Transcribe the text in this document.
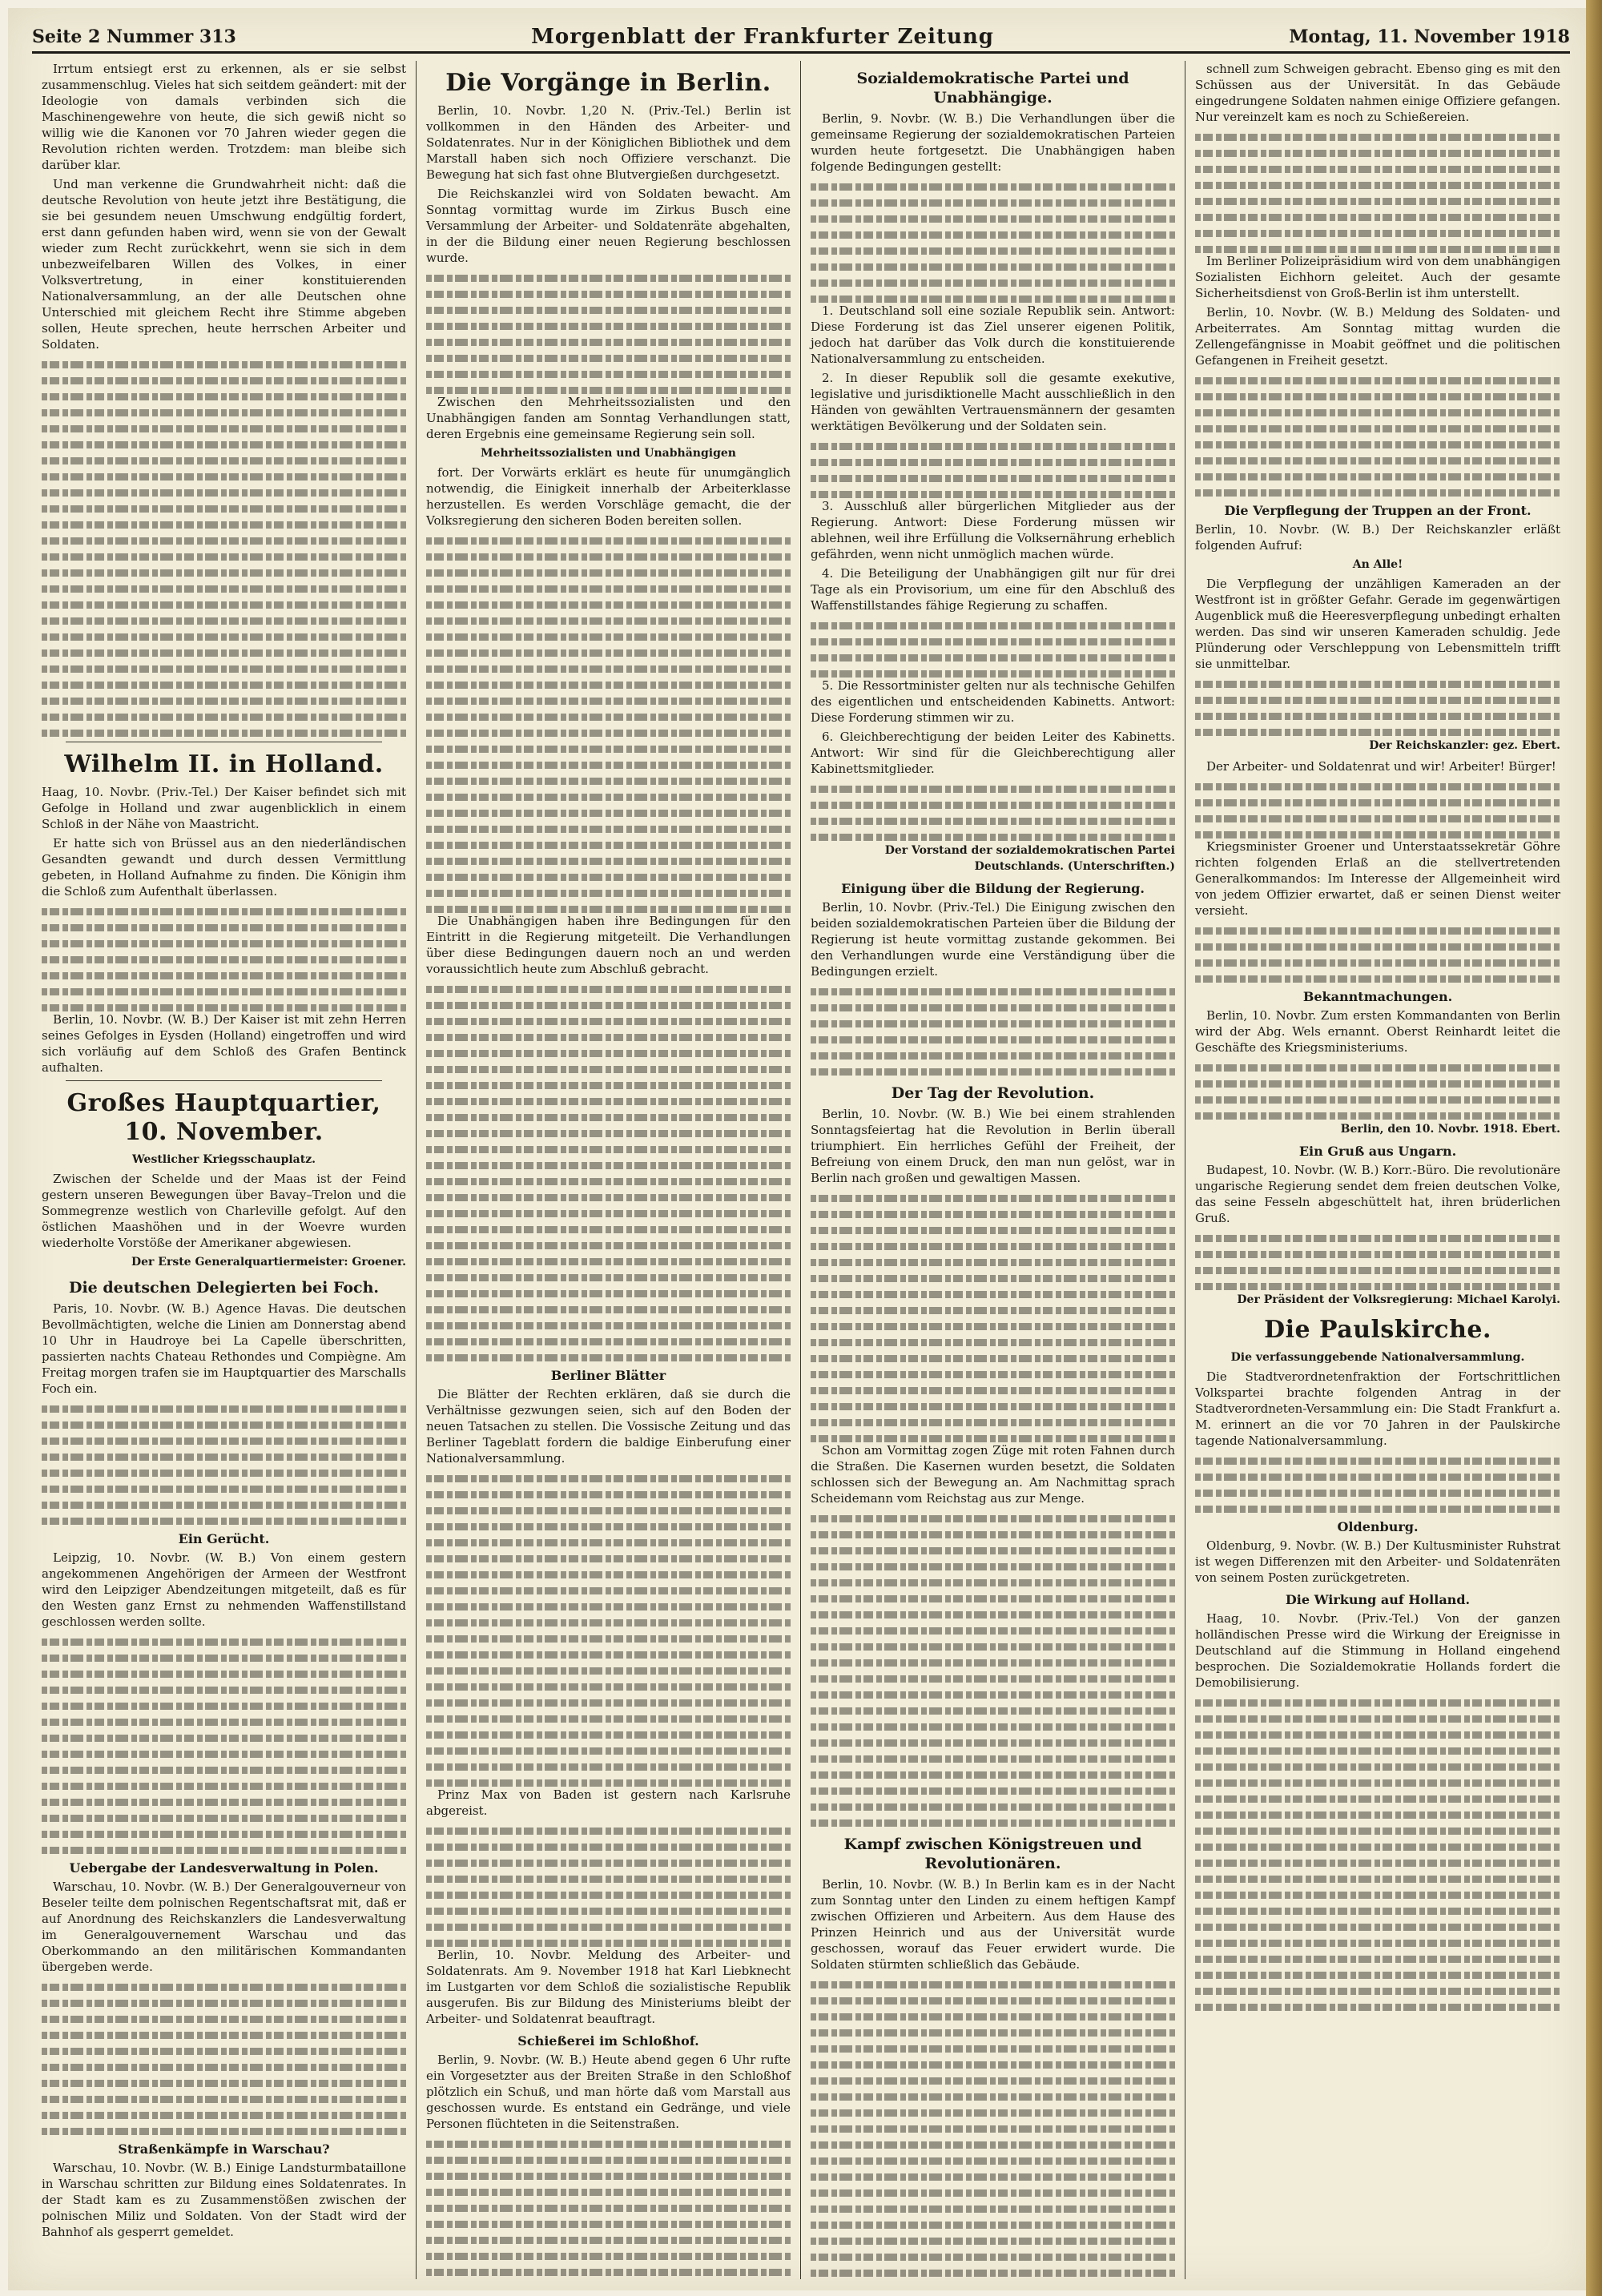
Seite 2 Nummer 313	Morgenblatt der Frankfurter Zeitung	Montag, 11. November 1918

Irrtum entsiegt erst zu erkennen, als er sie selbst zusammenschlug. Vieles hat sich seitdem geändert: mit der Ideologie von damals verbinden sich die Maschinengewehre von heute, die sich gewiß nicht so willig wie die Kanonen vor 70 Jahren wieder gegen die Revolution richten werden. Trotzdem: man bleibe sich darüber klar.

Und man verkenne die Grundwahrheit nicht: daß die deutsche Revolution von heute jetzt ihre Bestätigung, die sie bei gesundem neuen Umschwung endgültig fordert, erst dann gefunden haben wird, wenn sie von der Gewalt wieder zum Recht zurückkehrt, wenn sie sich in dem unbezweifelbaren Willen des Volkes, in einer Volksvertretung, in einer konstituierenden Nationalversammlung, an der alle Deutschen ohne Unterschied mit gleichem Recht ihre Stimme abgeben sollen, Heute sprechen, heute herrschen Arbeiter und Soldaten.

Wilhelm II. in Holland.

Haag, 10. Novbr. (Priv.-Tel.) Der Kaiser befindet sich mit Gefolge in Holland und zwar augenblicklich in einem Schloß in der Nähe von Maastricht.

Er hatte sich von Brüssel aus an den niederländischen Gesandten gewandt und durch dessen Vermittlung gebeten, in Holland Aufnahme zu finden. Die Königin ihm die Schloß zum Aufenthalt überlassen.

Berlin, 10. Novbr. (W. B.) Der Kaiser ist mit zehn Herren seines Gefolges in Eysden (Holland) eingetroffen und wird sich vorläufig auf dem Schloß des Grafen Bentinck aufhalten.

Großes Hauptquartier, 10. November.
Westlicher Kriegsschauplatz.

Zwischen der Schelde und der Maas ist der Feind gestern unseren Bewegungen über Bavay–Trelon und die Sommegrenze westlich von Charleville gefolgt. Auf den östlichen Maashöhen und in der Woevre wurden wiederholte Vorstöße der Amerikaner abgewiesen.

Der Erste Generalquartiermeister: Groener.
Die deutschen Delegierten bei Foch.

Paris, 10. Novbr. (W. B.) Agence Havas. Die deutschen Bevollmächtigten, welche die Linien am Donnerstag abend 10 Uhr in Haudroye bei La Capelle überschritten, passierten nachts Chateau Rethondes und Compiègne. Am Freitag morgen trafen sie im Hauptquartier des Marschalls Foch ein.

Ein Gerücht.

Leipzig, 10. Novbr. (W. B.) Von einem gestern angekommenen Angehörigen der Armeen der Westfront wird den Leipziger Abendzeitungen mitgeteilt, daß es für den Westen ganz Ernst zu nehmenden Waffenstillstand geschlossen werden sollte.

Uebergabe der Landesverwaltung in Polen.

Warschau, 10. Novbr. (W. B.) Der Generalgouverneur von Beseler teilte dem polnischen Regentschaftsrat mit, daß er auf Anordnung des Reichskanzlers die Landesverwaltung im Generalgouvernement Warschau und das Oberkommando an den militärischen Kommandanten übergeben werde.

Straßenkämpfe in Warschau?

Warschau, 10. Novbr. (W. B.) Einige Landsturmbataillone in Warschau schritten zur Bildung eines Soldatenrates. In der Stadt kam es zu Zusammenstößen zwischen der polnischen Miliz und Soldaten. Von der Stadt wird der Bahnhof als gesperrt gemeldet.

Die Vorgänge in Berlin.

Berlin, 10. Novbr. 1,20 N. (Priv.-Tel.) Berlin ist vollkommen in den Händen des Arbeiter- und Soldatenrates. Nur in der Königlichen Bibliothek und dem Marstall haben sich noch Offiziere verschanzt. Die Bewegung hat sich fast ohne Blutvergießen durchgesetzt.

Die Reichskanzlei wird von Soldaten bewacht. Am Sonntag vormittag wurde im Zirkus Busch eine Versammlung der Arbeiter- und Soldatenräte abgehalten, in der die Bildung einer neuen Regierung beschlossen wurde.

Zwischen den Mehrheitssozialisten und den Unabhängigen fanden am Sonntag Verhandlungen statt, deren Ergebnis eine gemeinsame Regierung sein soll.

Mehrheitssozialisten und Unabhängigen

fort. Der Vorwärts erklärt es heute für unumgänglich notwendig, die Einigkeit innerhalb der Arbeiterklasse herzustellen. Es werden Vorschläge gemacht, die der Volksregierung den sicheren Boden bereiten sollen.

Die Unabhängigen haben ihre Bedingungen für den Eintritt in die Regierung mitgeteilt. Die Verhandlungen über diese Bedingungen dauern noch an und werden voraussichtlich heute zum Abschluß gebracht.

Berliner Blätter

Die Blätter der Rechten erklären, daß sie durch die Verhältnisse gezwungen seien, sich auf den Boden der neuen Tatsachen zu stellen. Die Vossische Zeitung und das Berliner Tageblatt fordern die baldige Einberufung einer Nationalversammlung.

Prinz Max von Baden ist gestern nach Karlsruhe abgereist.

Berlin, 10. Novbr. Meldung des Arbeiter- und Soldatenrats. Am 9. November 1918 hat Karl Liebknecht im Lustgarten vor dem Schloß die sozialistische Republik ausgerufen. Bis zur Bildung des Ministeriums bleibt der Arbeiter- und Soldatenrat beauftragt.

Schießerei im Schloßhof.

Berlin, 9. Novbr. (W. B.) Heute abend gegen 6 Uhr rufte ein Vorgesetzter aus der Breiten Straße in den Schloßhof plötzlich ein Schuß, und man hörte daß vom Marstall aus geschossen wurde. Es entstand ein Gedränge, und viele Personen flüchteten in die Seitenstraßen.

Sozialdemokratische Partei und Unabhängige.

Berlin, 9. Novbr. (W. B.) Die Verhandlungen über die gemeinsame Regierung der sozialdemokratischen Parteien wurden heute fortgesetzt. Die Unabhängigen haben folgende Bedingungen gestellt:

1. Deutschland soll eine soziale Republik sein. Antwort: Diese Forderung ist das Ziel unserer eigenen Politik, jedoch hat darüber das Volk durch die konstituierende Nationalversammlung zu entscheiden.

2. In dieser Republik soll die gesamte exekutive, legislative und jurisdiktionelle Macht ausschließlich in den Händen von gewählten Vertrauensmännern der gesamten werktätigen Bevölkerung und der Soldaten sein.

3. Ausschluß aller bürgerlichen Mitglieder aus der Regierung. Antwort: Diese Forderung müssen wir ablehnen, weil ihre Erfüllung die Volksernährung erheblich gefährden, wenn nicht unmöglich machen würde.

4. Die Beteiligung der Unabhängigen gilt nur für drei Tage als ein Provisorium, um eine für den Abschluß des Waffenstillstandes fähige Regierung zu schaffen.

5. Die Ressortminister gelten nur als technische Gehilfen des eigentlichen und entscheidenden Kabinetts. Antwort: Diese Forderung stimmen wir zu.

6. Gleichberechtigung der beiden Leiter des Kabinetts. Antwort: Wir sind für die Gleichberechtigung aller Kabinettsmitglieder.

Der Vorstand der sozialdemokratischen Partei Deutschlands. (Unterschriften.)
Einigung über die Bildung der Regierung.

Berlin, 10. Novbr. (Priv.-Tel.) Die Einigung zwischen den beiden sozialdemokratischen Parteien über die Bildung der Regierung ist heute vormittag zustande gekommen. Bei den Verhandlungen wurde eine Verständigung über die Bedingungen erzielt.

Der Tag der Revolution.

Berlin, 10. Novbr. (W. B.) Wie bei einem strahlenden Sonntagsfeiertag hat die Revolution in Berlin überall triumphiert. Ein herrliches Gefühl der Freiheit, der Befreiung von einem Druck, den man nun gelöst, war in Berlin nach großen und gewaltigen Massen.

Schon am Vormittag zogen Züge mit roten Fahnen durch die Straßen. Die Kasernen wurden besetzt, die Soldaten schlossen sich der Bewegung an. Am Nachmittag sprach Scheidemann vom Reichstag aus zur Menge.

Kampf zwischen Königstreuen und Revolutionären.

Berlin, 10. Novbr. (W. B.) In Berlin kam es in der Nacht zum Sonntag unter den Linden zu einem heftigen Kampf zwischen Offizieren und Arbeitern. Aus dem Hause des Prinzen Heinrich und aus der Universität wurde geschossen, worauf das Feuer erwidert wurde. Die Soldaten stürmten schließlich das Gebäude.

schnell zum Schweigen gebracht. Ebenso ging es mit den Schüssen aus der Universität. In das Gebäude eingedrungene Soldaten nahmen einige Offiziere gefangen. Nur vereinzelt kam es noch zu Schießereien.

Im Berliner Polizeipräsidium wird von dem unabhängigen Sozialisten Eichhorn geleitet. Auch der gesamte Sicherheitsdienst von Groß-Berlin ist ihm unterstellt.

Berlin, 10. Novbr. (W. B.) Meldung des Soldaten- und Arbeiterrates. Am Sonntag mittag wurden die Zellengefängnisse in Moabit geöffnet und die politischen Gefangenen in Freiheit gesetzt.

Die Verpflegung der Truppen an der Front.

Berlin, 10. Novbr. (W. B.) Der Reichskanzler erläßt folgenden Aufruf:

An Alle!

Die Verpflegung der unzähligen Kameraden an der Westfront ist in größter Gefahr. Gerade im gegenwärtigen Augenblick muß die Heeresverpflegung unbedingt erhalten werden. Das sind wir unseren Kameraden schuldig. Jede Plünderung oder Verschleppung von Lebensmitteln trifft sie unmittelbar.

Der Reichskanzler: gez. Ebert.

Der Arbeiter- und Soldatenrat und wir! Arbeiter! Bürger!

Kriegsminister Groener und Unterstaatssekretär Göhre richten folgenden Erlaß an die stellvertretenden Generalkommandos: Im Interesse der Allgemeinheit wird von jedem Offizier erwartet, daß er seinen Dienst weiter versieht.

Bekanntmachungen.

Berlin, 10. Novbr. Zum ersten Kommandanten von Berlin wird der Abg. Wels ernannt. Oberst Reinhardt leitet die Geschäfte des Kriegsministeriums.

Berlin, den 10. Novbr. 1918. Ebert.
Ein Gruß aus Ungarn.

Budapest, 10. Novbr. (W. B.) Korr.-Büro. Die revolutionäre ungarische Regierung sendet dem freien deutschen Volke, das seine Fesseln abgeschüttelt hat, ihren brüderlichen Gruß.

Der Präsident der Volksregierung: Michael Karolyi.
Die Paulskirche.
Die verfassunggebende Nationalversammlung.

Die Stadtverordnetenfraktion der Fortschrittlichen Volkspartei brachte folgenden Antrag in der Stadtverordneten-Versammlung ein: Die Stadt Frankfurt a. M. erinnert an die vor 70 Jahren in der Paulskirche tagende Nationalversammlung.

Oldenburg.

Oldenburg, 9. Novbr. (W. B.) Der Kultusminister Ruhstrat ist wegen Differenzen mit den Arbeiter- und Soldatenräten von seinem Posten zurückgetreten.

Die Wirkung auf Holland.

Haag, 10. Novbr. (Priv.-Tel.) Von der ganzen holländischen Presse wird die Wirkung der Ereignisse in Deutschland auf die Stimmung in Holland eingehend besprochen. Die Sozialdemokratie Hollands fordert die Demobilisierung.
